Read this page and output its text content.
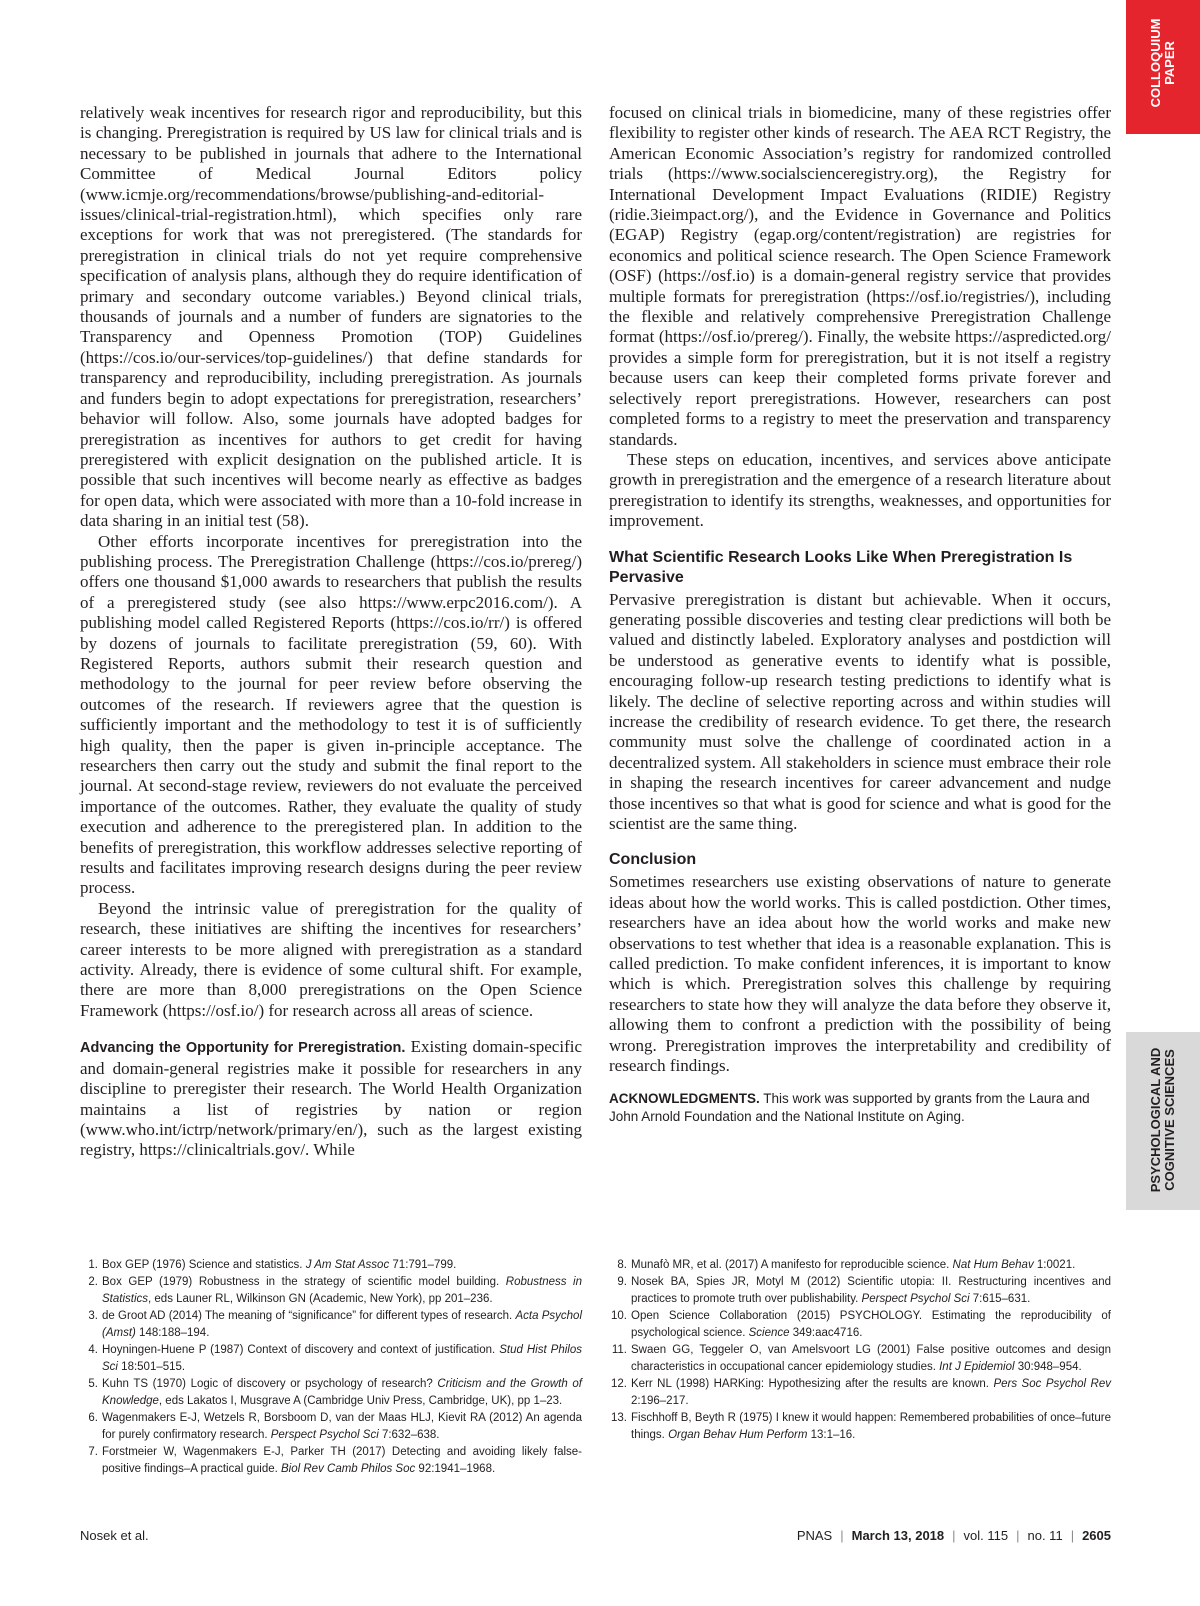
COLLOQUIUM PAPER
PSYCHOLOGICAL AND COGNITIVE SCIENCES

relatively weak incentives for research rigor and reproducibility, but this is changing. Preregistration is required by US law for clinical trials and is necessary to be published in journals that adhere to the International Committee of Medical Journal Editors policy (www.icmje.org/recommendations/browse/publishing-and-editorial-issues/clinical-trial-registration.html), which specifies only rare exceptions for work that was not preregistered. (The standards for preregistration in clinical trials do not yet require comprehensive specification of analysis plans, although they do require identification of primary and secondary outcome variables.) Beyond clinical trials, thousands of journals and a number of funders are signatories to the Transparency and Openness Promotion (TOP) Guidelines (https://cos.io/our-services/top-guidelines/) that define standards for transparency and reproducibility, including preregistration. As journals and funders begin to adopt expectations for preregistration, researchers’ behavior will follow. Also, some journals have adopted badges for preregistration as incentives for authors to get credit for having preregistered with explicit designation on the published article. It is possible that such incentives will become nearly as effective as badges for open data, which were associated with more than a 10-fold increase in data sharing in an initial test (58).

Other efforts incorporate incentives for preregistration into the publishing process. The Preregistration Challenge (https://cos.io/prereg/) offers one thousand $1,000 awards to researchers that publish the results of a preregistered study (see also https://www.erpc2016.com/). A publishing model called Registered Reports (https://cos.io/rr/) is offered by dozens of journals to facilitate preregistration (59, 60). With Registered Reports, authors submit their research question and methodology to the journal for peer review before observing the outcomes of the research. If reviewers agree that the question is sufficiently important and the methodology to test it is of sufficiently high quality, then the paper is given in-principle acceptance. The researchers then carry out the study and submit the final report to the journal. At second-stage review, reviewers do not evaluate the perceived importance of the outcomes. Rather, they evaluate the quality of study execution and adherence to the preregistered plan. In addition to the benefits of preregistration, this workflow addresses selective reporting of results and facilitates improving research designs during the peer review process.

Beyond the intrinsic value of preregistration for the quality of research, these initiatives are shifting the incentives for researchers’ career interests to be more aligned with preregistration as a standard activity. Already, there is evidence of some cultural shift. For example, there are more than 8,000 preregistrations on the Open Science Framework (https://osf.io/) for research across all areas of science.

Advancing the Opportunity for Preregistration. Existing domain-specific and domain-general registries make it possible for researchers in any discipline to preregister their research. The World Health Organization maintains a list of registries by nation or region (www.who.int/ictrp/network/primary/en/), such as the largest existing registry, https://clinicaltrials.gov/. While

focused on clinical trials in biomedicine, many of these registries offer flexibility to register other kinds of research. The AEA RCT Registry, the American Economic Association’s registry for randomized controlled trials (https://www.socialscienceregistry.org), the Registry for International Development Impact Evaluations (RIDIE) Registry (ridie.3ieimpact.org/), and the Evidence in Governance and Politics (EGAP) Registry (egap.org/content/registration) are registries for economics and political science research. The Open Science Framework (OSF) (https://osf.io) is a domain-general registry service that provides multiple formats for preregistration (https://osf.io/registries/), including the flexible and relatively comprehensive Preregistration Challenge format (https://osf.io/prereg/). Finally, the website https://aspredicted.org/ provides a simple form for preregistration, but it is not itself a registry because users can keep their completed forms private forever and selectively report preregistrations. However, researchers can post completed forms to a registry to meet the preservation and transparency standards.

These steps on education, incentives, and services above anticipate growth in preregistration and the emergence of a research literature about preregistration to identify its strengths, weaknesses, and opportunities for improvement.

What Scientific Research Looks Like When Preregistration Is Pervasive

Pervasive preregistration is distant but achievable. When it occurs, generating possible discoveries and testing clear predictions will both be valued and distinctly labeled. Exploratory analyses and postdiction will be understood as generative events to identify what is possible, encouraging follow-up research testing predictions to identify what is likely. The decline of selective reporting across and within studies will increase the credibility of research evidence. To get there, the research community must solve the challenge of coordinated action in a decentralized system. All stakeholders in science must embrace their role in shaping the research incentives for career advancement and nudge those incentives so that what is good for science and what is good for the scientist are the same thing.

Conclusion

Sometimes researchers use existing observations of nature to generate ideas about how the world works. This is called postdiction. Other times, researchers have an idea about how the world works and make new observations to test whether that idea is a reasonable explanation. This is called prediction. To make confident inferences, it is important to know which is which. Preregistration solves this challenge by requiring researchers to state how they will analyze the data before they observe it, allowing them to confront a prediction with the possibility of being wrong. Preregistration improves the interpretability and credibility of research findings.

ACKNOWLEDGMENTS. This work was supported by grants from the Laura and John Arnold Foundation and the National Institute on Aging.
1. Box GEP (1976) Science and statistics. J Am Stat Assoc 71:791–799.
2. Box GEP (1979) Robustness in the strategy of scientific model building. Robustness in Statistics, eds Launer RL, Wilkinson GN (Academic, New York), pp 201–236.
3. de Groot AD (2014) The meaning of “significance” for different types of research. Acta Psychol (Amst) 148:188–194.
4. Hoyningen-Huene P (1987) Context of discovery and context of justification. Stud Hist Philos Sci 18:501–515.
5. Kuhn TS (1970) Logic of discovery or psychology of research? Criticism and the Growth of Knowledge, eds Lakatos I, Musgrave A (Cambridge Univ Press, Cambridge, UK), pp 1–23.
6. Wagenmakers E-J, Wetzels R, Borsboom D, van der Maas HLJ, Kievit RA (2012) An agenda for purely confirmatory research. Perspect Psychol Sci 7:632–638.
7. Forstmeier W, Wagenmakers E-J, Parker TH (2017) Detecting and avoiding likely false-positive findings–A practical guide. Biol Rev Camb Philos Soc 92:1941–1968.
8. Munafò MR, et al. (2017) A manifesto for reproducible science. Nat Hum Behav 1:0021.
9. Nosek BA, Spies JR, Motyl M (2012) Scientific utopia: II. Restructuring incentives and practices to promote truth over publishability. Perspect Psychol Sci 7:615–631.
10. Open Science Collaboration (2015) PSYCHOLOGY. Estimating the reproducibility of psychological science. Science 349:aac4716.
11. Swaen GG, Teggeler O, van Amelsvoort LG (2001) False positive outcomes and design characteristics in occupational cancer epidemiology studies. Int J Epidemiol 30:948–954.
12. Kerr NL (1998) HARKing: Hypothesizing after the results are known. Pers Soc Psychol Rev 2:196–217.
13. Fischhoff B, Beyth R (1975) I knew it would happen: Remembered probabilities of once–future things. Organ Behav Hum Perform 13:1–16.
Nosek et al.	PNAS | March 13, 2018 | vol. 115 | no. 11 | 2605
